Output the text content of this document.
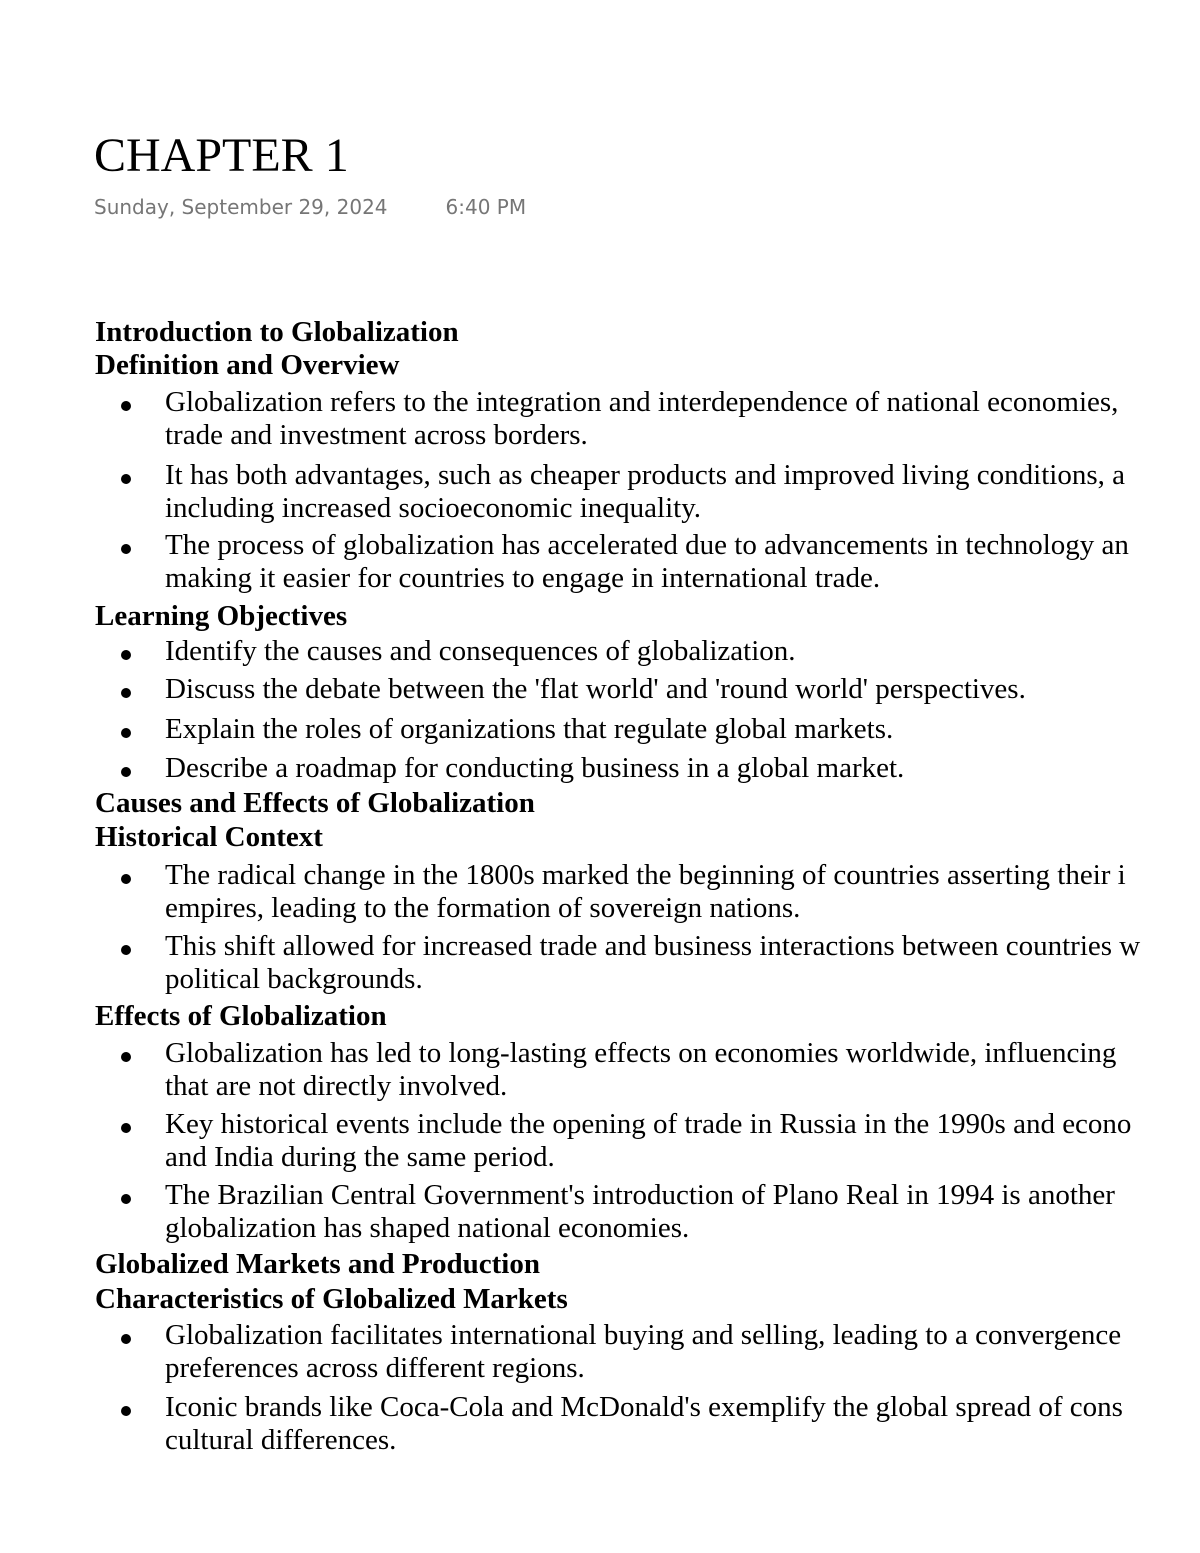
CHAPTER 1
Sunday, September 29, 2024	6:40 PM
Introduction to Globalization
Definition and Overview
Globalization refers to the integration and interdependence of national economies,
trade and investment across borders.
It has both advantages, such as cheaper products and improved living conditions, a
including increased socioeconomic inequality.
The process of globalization has accelerated due to advancements in technology an
making it easier for countries to engage in international trade.
Learning Objectives
Identify the causes and consequences of globalization.
Discuss the debate between the 'flat world' and 'round world' perspectives.
Explain the roles of organizations that regulate global markets.
Describe a roadmap for conducting business in a global market.
Causes and Effects of Globalization
Historical Context
The radical change in the 1800s marked the beginning of countries asserting their i
empires, leading to the formation of sovereign nations.
This shift allowed for increased trade and business interactions between countries w
political backgrounds.
Effects of Globalization
Globalization has led to long-lasting effects on economies worldwide, influencing
that are not directly involved.
Key historical events include the opening of trade in Russia in the 1990s and econo
and India during the same period.
The Brazilian Central Government's introduction of Plano Real in 1994 is another
globalization has shaped national economies.
Globalized Markets and Production
Characteristics of Globalized Markets
Globalization facilitates international buying and selling, leading to a convergence
preferences across different regions.
Iconic brands like Coca-Cola and McDonald's exemplify the global spread of cons
cultural differences.
